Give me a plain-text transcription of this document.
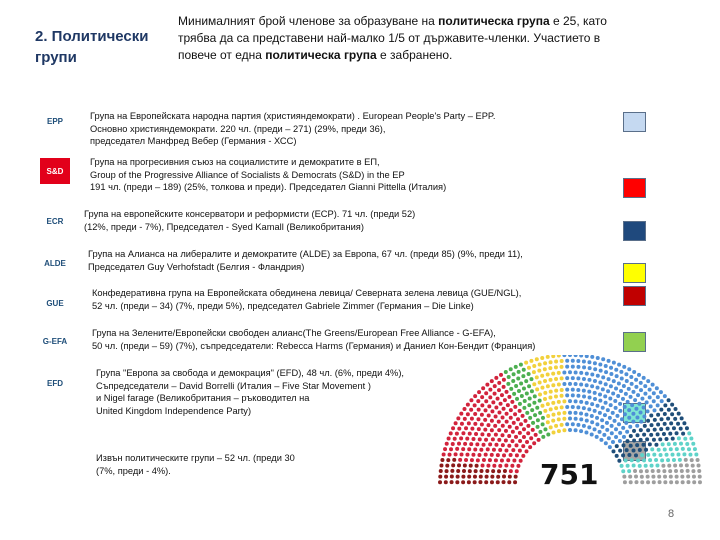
2. Политически групи
Минималният брой членове за образуване на политическа група е 25, като трябва да са представени най-малко 1/5 от държавите-членки. Участието в повече от една политическа група е забранено.
Група на Европейската народна партия (християндемократи) . European People's Party – EPP.
Основно християндемократи. 220 чл. (преди – 271) (29%, преди 36),
председател Манфред Вебер (Германия - ХСС)
EPP
Група на прогресивния съюз на социалистите и демократите в ЕП,
Group of the Progressive Alliance of Socialists & Democrats (S&D) in the EP
191 чл. (преди – 189) (25%, толкова и преди). Председател Gianni Pittella (Италия)
S&D
Група на европейските консерватори и реформисти (ECP). 71 чл. (преди 52)
(12%, преди - 7%), Председател - Syed Kamall (Великобритания)
ECR
Група на Алианса на либералите и демократите (ALDE) за Европа, 67 чл. (преди 85) (9%, преди 11),
Председател Guy Verhofstadt (Белгия - Фландрия)
ALDE
Конфедеративна група на Европейската обединена левица/ Северната зелена левица (GUE/NGL),
52 чл. (преди – 34) (7%, преди 5%), председател Gabriele Zimmer (Германия – Die Linke)
GUE
Група на Зелените/Европейски свободен алианс(The Greens/European Free Alliance - G-EFA),
50 чл. (преди – 59) (7%), съпредседатели: Rebecca Harms (Германия) и Даниел Кон-Бендит (Франция)
G-EFA
Група "Европа за свобода и демокрация" (EFD), 48 чл. (6%, преди 4%),
Съпредседатели – David Borrelli (Италия – Five Star Movement )
и Nigel farage (Великобритания – ръководител на
United Kingdom Independence Party)
EFD
Извън политическите групи – 52 чл. (преди 30
(7%, преди - 4%).	751
8
